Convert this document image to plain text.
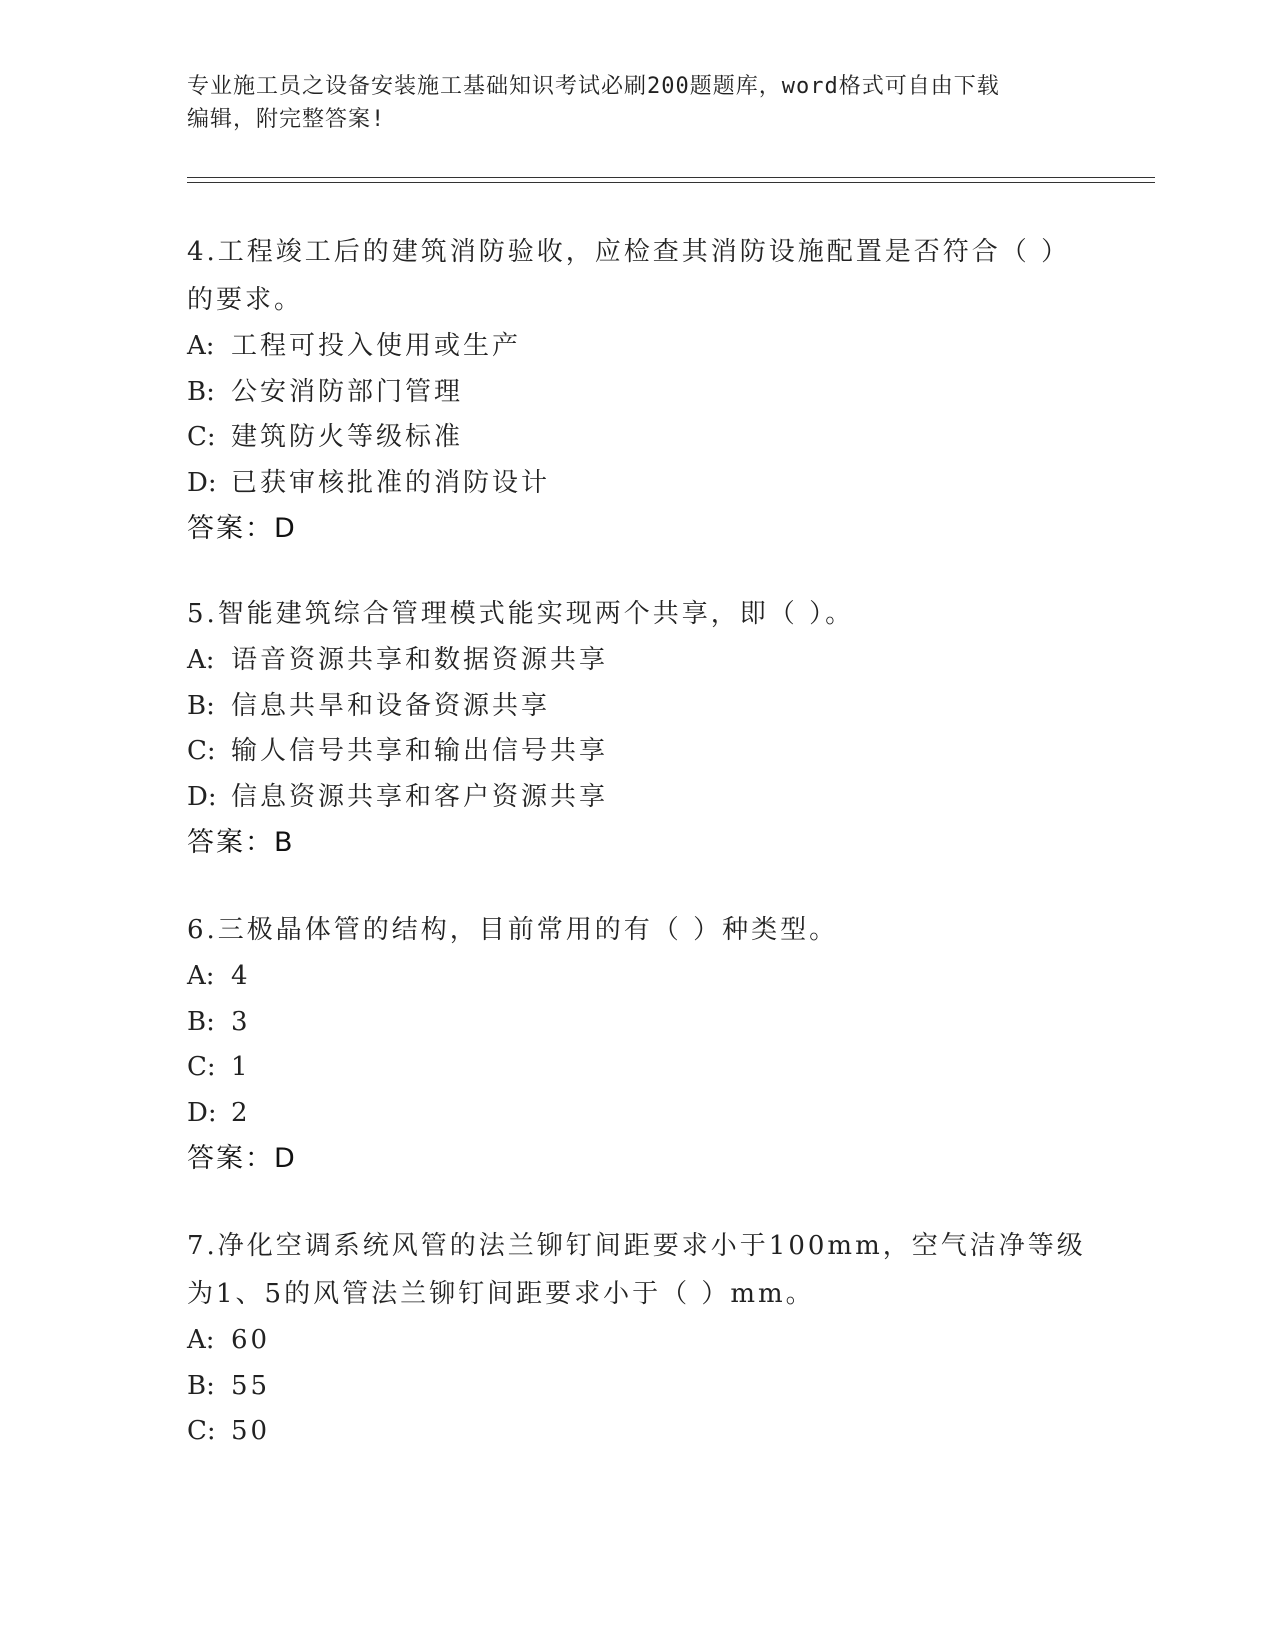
专业施工员之设备安装施工基础知识考试必刷200题题库，word格式可自由下载
编辑，附完整答案!

4.工程竣工后的建筑消防验收，应检查其消防设施配置是否符合（ ）的要求。

A: 工程可投入使用或生产

B: 公安消防部门管理

C: 建筑防火等级标准

D: 已获审核批准的消防设计

答案：D

5.智能建筑综合管理模式能实现两个共享，即（ ）。

A: 语音资源共享和数据资源共享

B: 信息共旱和设备资源共享

C: 输人信号共享和输出信号共享

D: 信息资源共享和客户资源共享

答案：B

6.三极晶体管的结构，目前常用的有（ ）种类型。

A: 4

B: 3

C: 1

D: 2

答案：D

7.净化空调系统风管的法兰铆钉间距要求小于100mm，空气洁净等级为1、5的风管法兰铆钉间距要求小于（ ）mm。

A: 60

B: 55

C: 50
